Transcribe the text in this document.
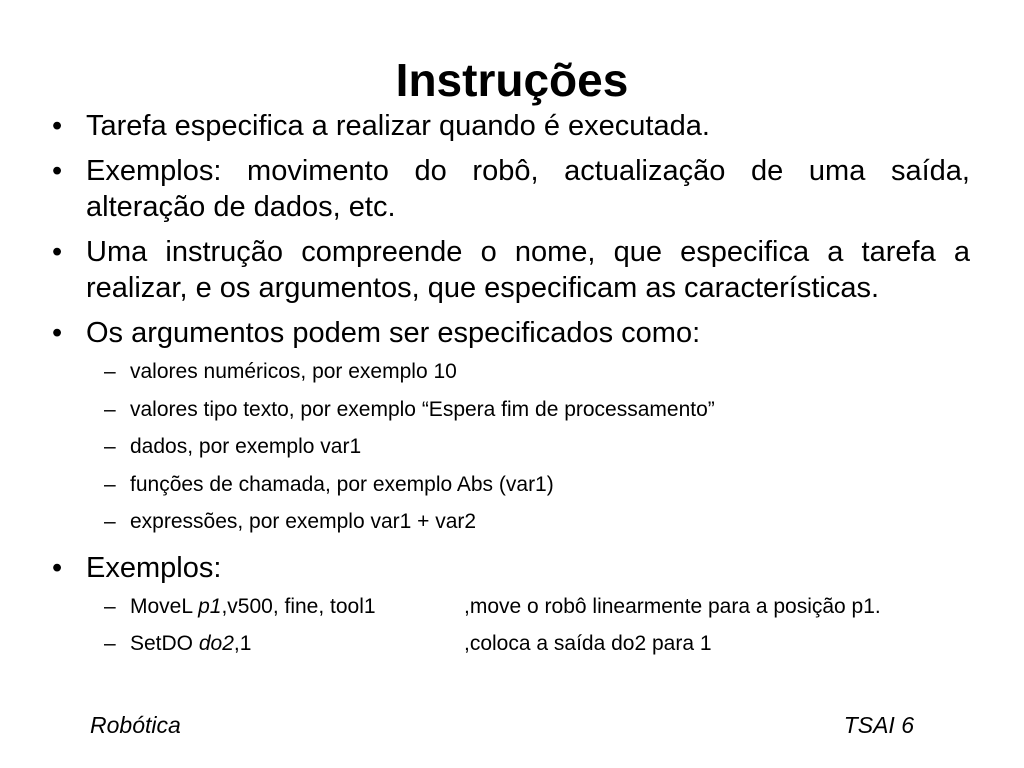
Instruções
• Tarefa especifica a realizar quando é executada.
• Exemplos: movimento do robô, actualização de uma saída, alteração de dados, etc.
• Uma instrução compreende o nome, que especifica a tarefa a realizar, e os argumentos, que especificam as características.
• Os argumentos podem ser especificados como:
– valores numéricos, por exemplo 10
– valores tipo texto, por exemplo “Espera fim de processamento”
– dados, por exemplo var1
– funções de chamada, por exemplo Abs (var1)
– expressões, por exemplo var1 + var2
• Exemplos:
– MoveL p1,v500, fine, tool1	,move o robô linearmente para a posição p1.
– SetDO do2,1	,coloca a saída do2 para 1
Robótica	TSAI 6
